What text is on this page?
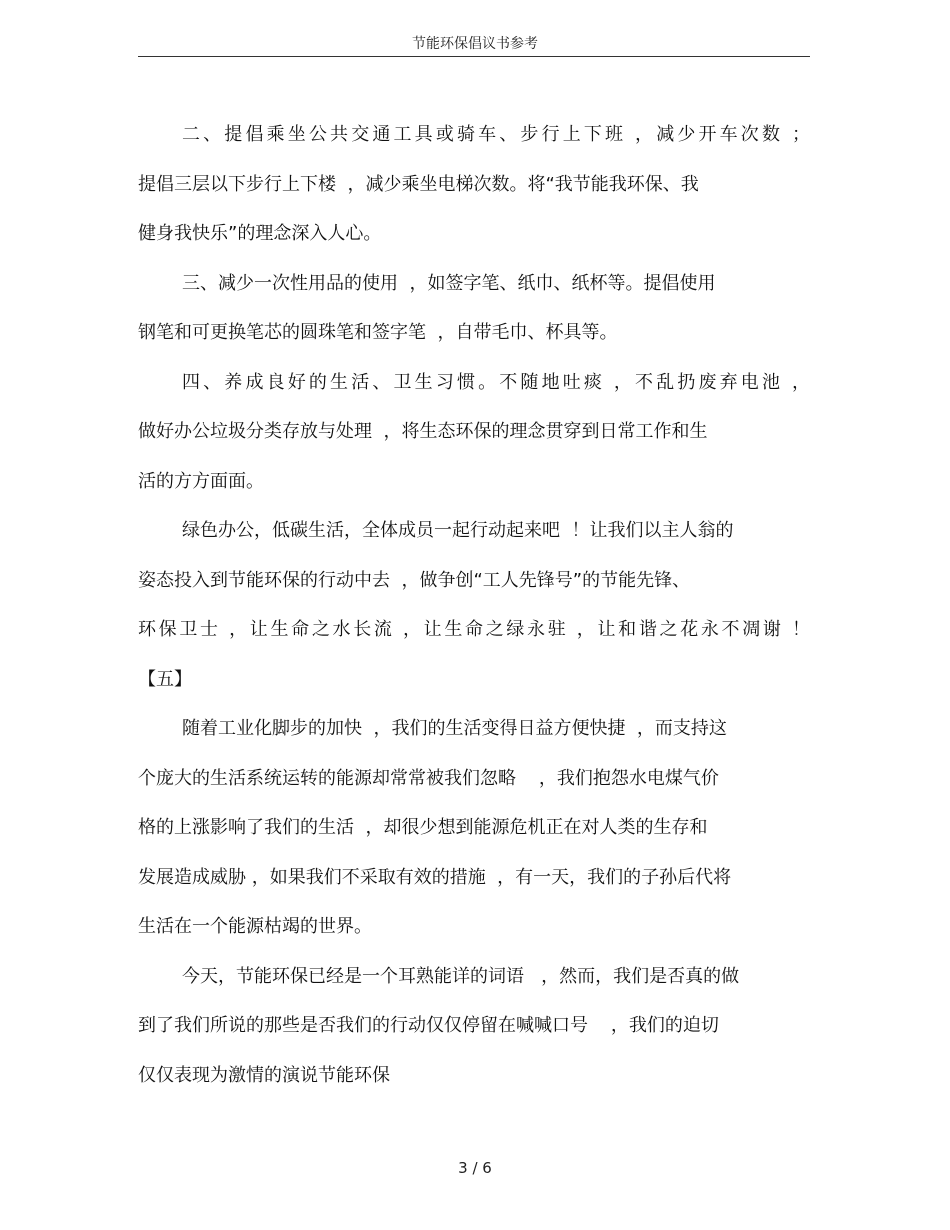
节能环保倡议书参考
二、提倡乘坐公共交通工具或骑车、步行上下班 ，减少开车次数 ；
提倡三层以下步行上下楼  ，减少乘坐电梯次数。将“我节能我环保、我
健身我快乐”的理念深入人心。
三、减少一次性用品的使用  ，如签字笔、纸巾、纸杯等。提倡使用
钢笔和可更换笔芯的圆珠笔和签字笔  ，自带毛巾、杯具等。
四、养成良好的生活、卫生习惯。不随地吐痰 ，不乱扔废弃电池 ，
做好办公垃圾分类存放与处理  ，将生态环保的理念贯穿到日常工作和生
活的方方面面。
绿色办公，低碳生活，全体成员一起行动起来吧  ！让我们以主人翁的
姿态投入到节能环保的行动中去  ，做争创“工人先锋号”的节能先锋、
环保卫士 ，让生命之水长流 ，让生命之绿永驻 ，让和谐之花永不凋谢 ！
【五】
随着工业化脚步的加快  ，我们的生活变得日益方便快捷  ，而支持这
个庞大的生活系统运转的能源却常常被我们忽略    ，我们抱怨水电煤气价
格的上涨影响了我们的生活  ，却很少想到能源危机正在对人类的生存和
发展造成威胁 ，如果我们不采取有效的措施  ，有一天，我们的子孙后代将
生活在一个能源枯竭的世界。
今天，节能环保已经是一个耳熟能详的词语   ，然而，我们是否真的做
到了我们所说的那些是否我们的行动仅仅停留在喊喊口号    ，我们的迫切
仅仅表现为激情的演说节能环保
3 / 6
